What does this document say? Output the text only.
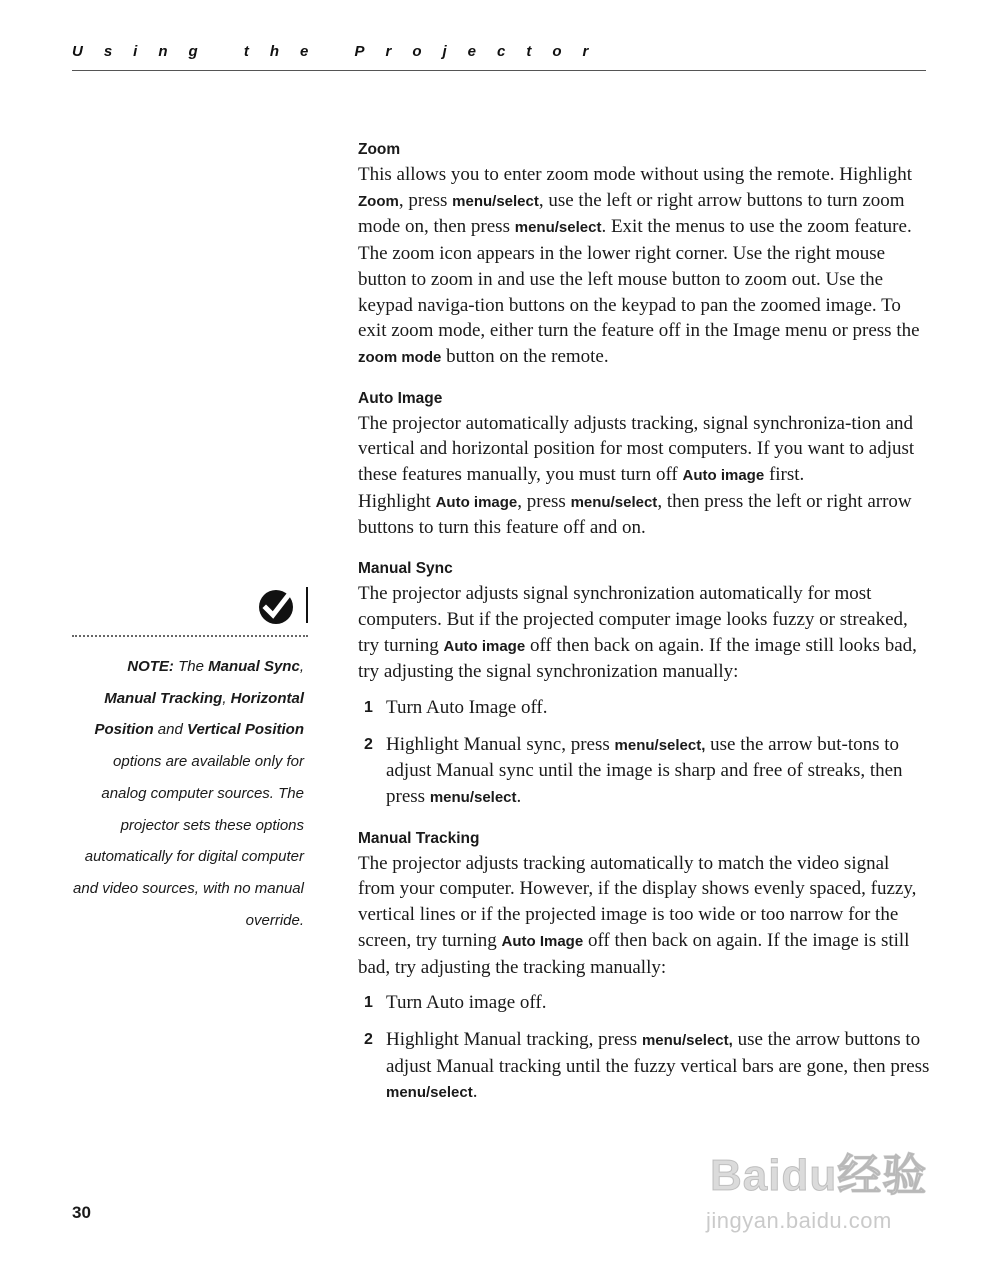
Using the Projector
Zoom

This allows you to enter zoom mode without using the remote. Highlight Zoom, press menu/select, use the left or right arrow buttons to turn zoom mode on, then press menu/select. Exit the menus to use the zoom feature. The zoom icon appears in the lower right corner. Use the right mouse button to zoom in and use the left mouse button to zoom out. Use the keypad naviga-tion buttons on the keypad to pan the zoomed image. To exit zoom mode, either turn the feature off in the Image menu or press the zoom mode button on the remote.

Auto Image

The projector automatically adjusts tracking, signal synchroniza-tion and vertical and horizontal position for most computers. If you want to adjust these features manually, you must turn off Auto image first.

Highlight Auto image, press menu/select, then press the left or right arrow buttons to turn this feature off and on.

Manual Sync

The projector adjusts signal synchronization automatically for most computers. But if the projected computer image looks fuzzy or streaked, try turning Auto image off then back on again. If the image still looks bad, try adjusting the signal synchronization manually:

1 Turn Auto Image off.
2 Highlight Manual sync, press menu/select, use the arrow but-tons to adjust Manual sync until the image is sharp and free of streaks, then press menu/select.
Manual Tracking

The projector adjusts tracking automatically to match the video signal from your computer. However, if the display shows evenly spaced, fuzzy, vertical lines or if the projected image is too wide or too narrow for the screen, try turning Auto Image off then back on again. If the image is still bad, try adjusting the tracking manually:

1 Turn Auto image off.
2 Highlight Manual tracking, press menu/select, use the arrow buttons to adjust Manual tracking until the fuzzy vertical bars are gone, then press menu/select.
NOTE: The Manual Sync, Manual Tracking, Horizontal Position and Vertical Position options are available only for analog computer sources. The projector sets these options automatically for digital computer and video sources, with no manual override.
30
Baidu经验
jingyan.baidu.com
